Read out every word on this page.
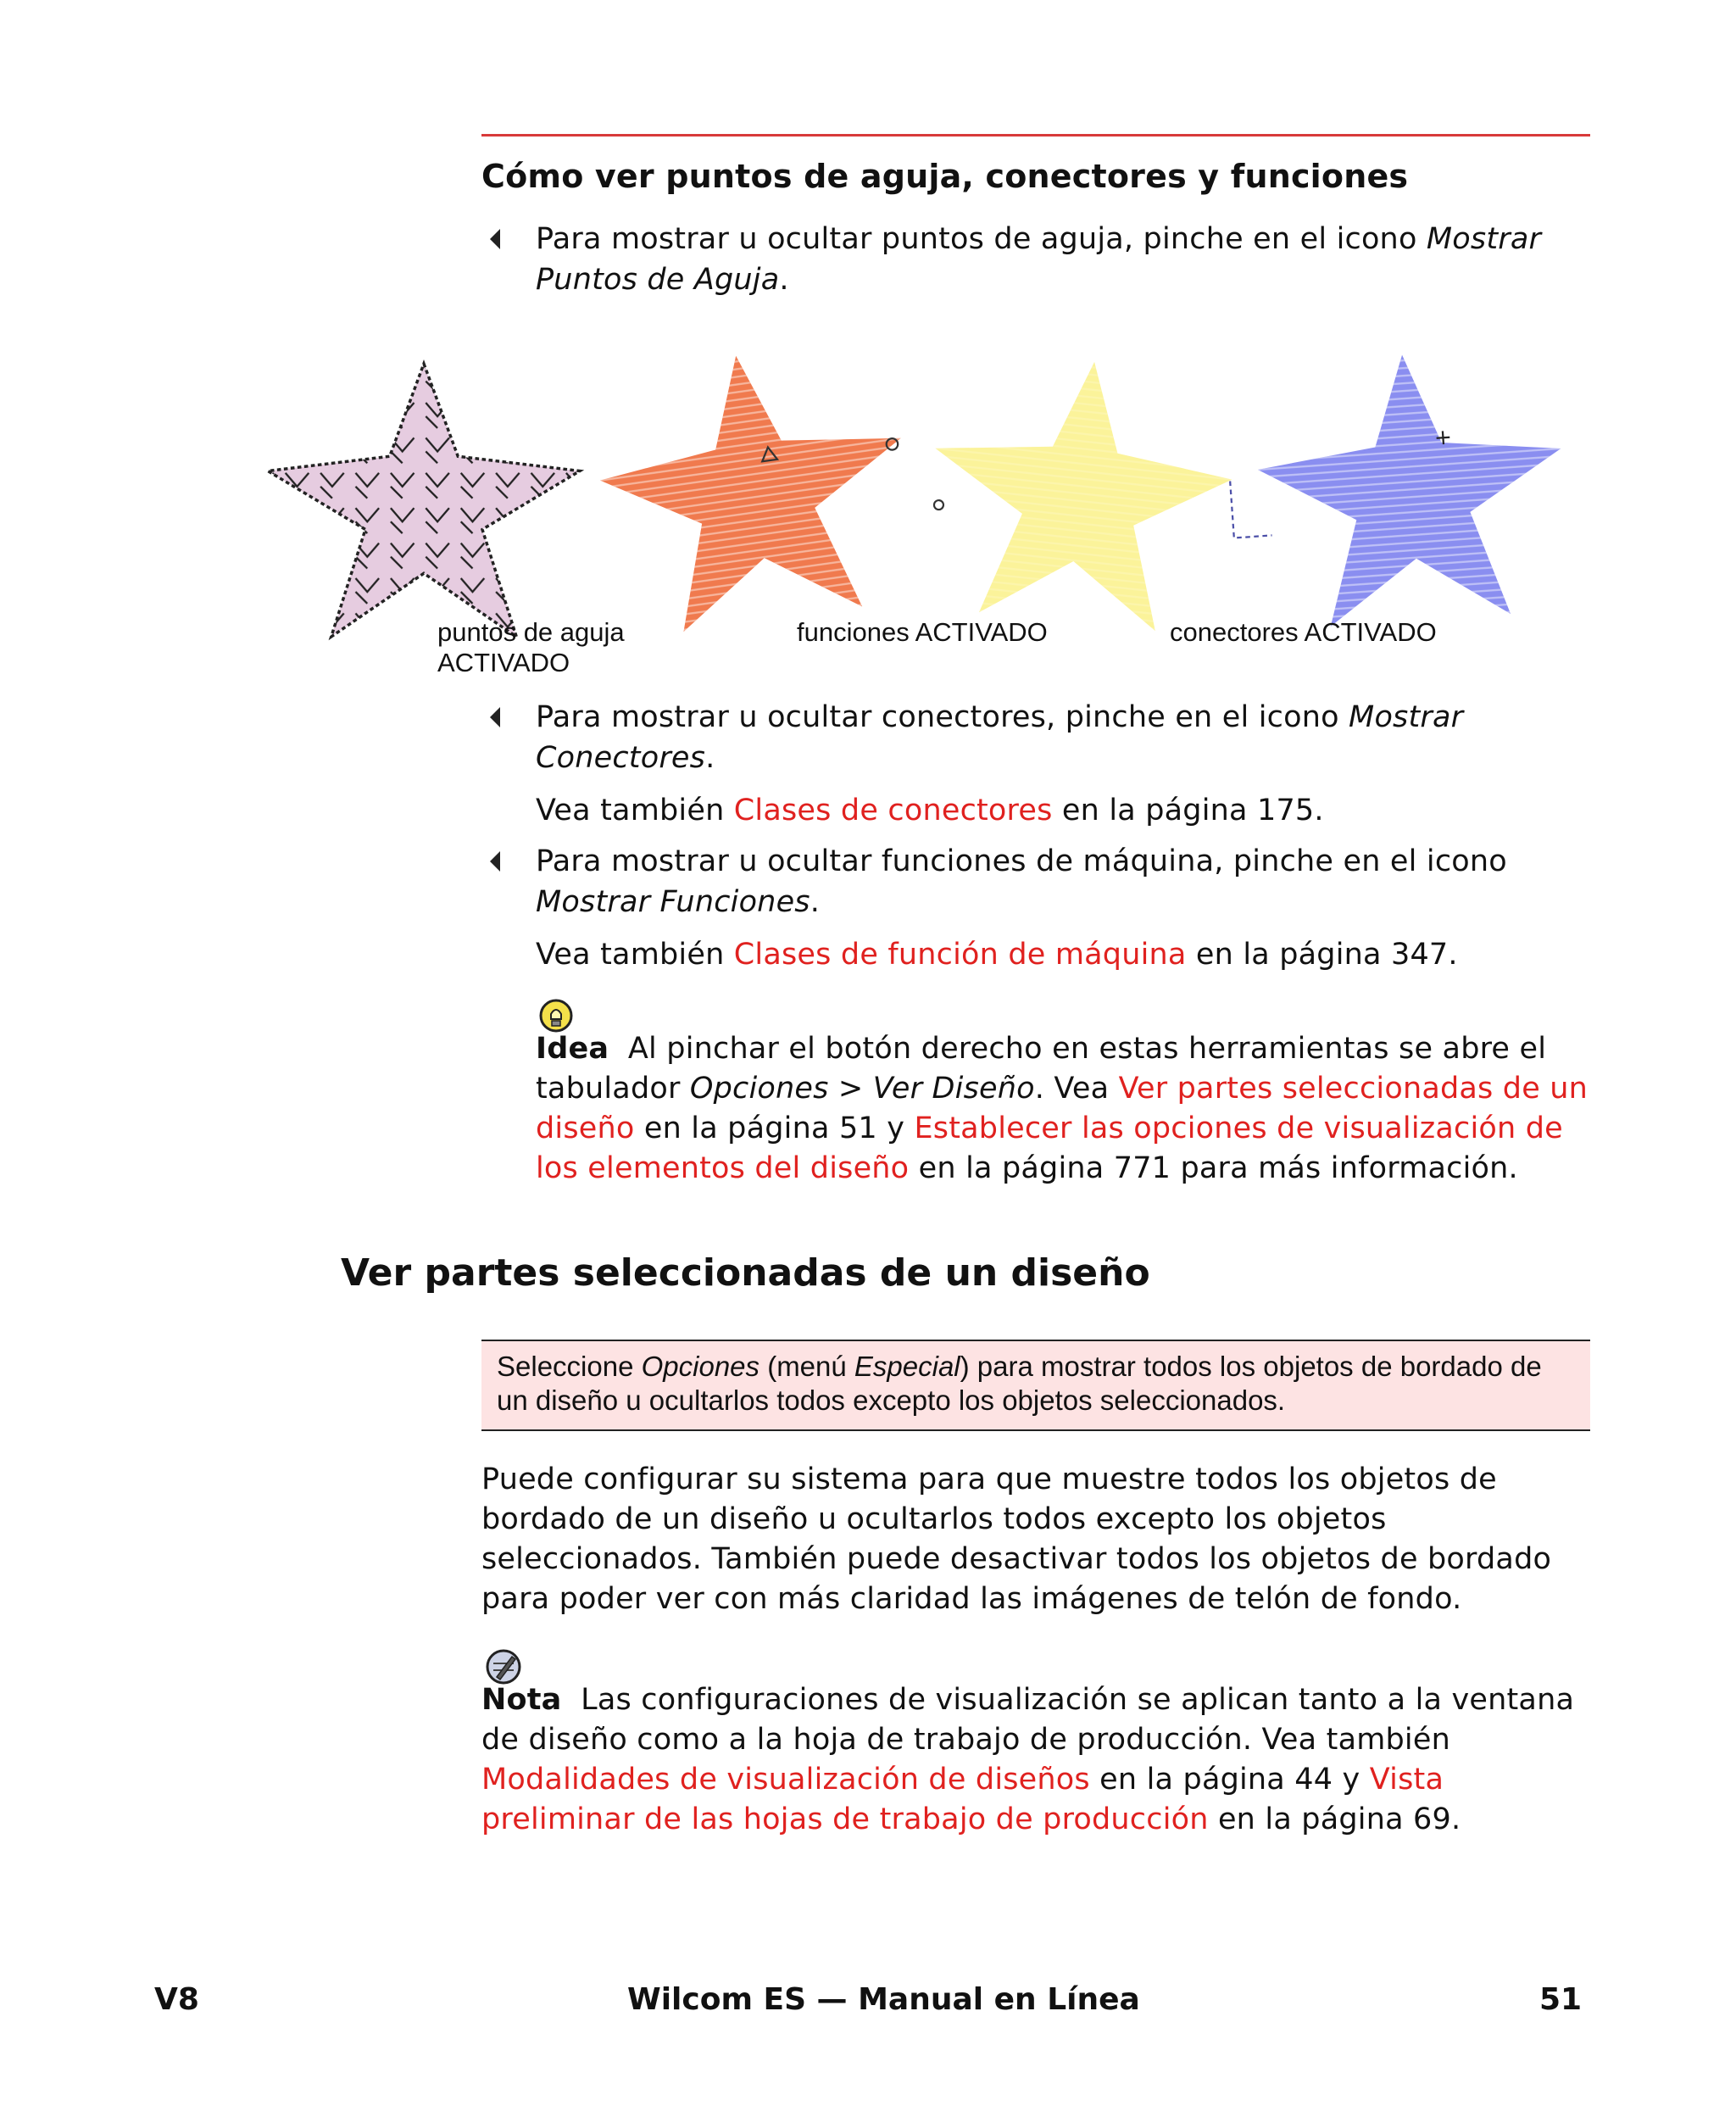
Cómo ver puntos de aguja, conectores y funciones

Para mostrar u ocultar puntos de aguja, pinche en el icono Mostrar Puntos de Aguja.

puntos de aguja ACTIVADO

funciones ACTIVADO	conectores ACTIVADO

Para mostrar u ocultar conectores, pinche en el icono Mostrar Conectores.

Vea también Clases de conectores en la página 175.

Para mostrar u ocultar funciones de máquina, pinche en el icono Mostrar Funciones.

Vea también Clases de función de máquina en la página 347.

Idea  Al pinchar el botón derecho en estas herramientas se abre el tabulador Opciones > Ver Diseño. Vea Ver partes seleccionadas de un diseño en la página 51 y Establecer las opciones de visualización de los elementos del diseño en la página 771 para más información.

Ver partes seleccionadas de un diseño

Seleccione Opciones (menú Especial) para mostrar todos los objetos de bordado de un diseño u ocultarlos todos excepto los objetos seleccionados.

Puede configurar su sistema para que muestre todos los objetos de bordado de un diseño u ocultarlos todos excepto los objetos seleccionados. También puede desactivar todos los objetos de bordado para poder ver con más claridad las imágenes de telón de fondo.

Nota  Las configuraciones de visualización se aplican tanto a la ventana de diseño como a la hoja de trabajo de producción. Vea también Modalidades de visualización de diseños en la página 44 y Vista preliminar de las hojas de trabajo de producción en la página 69.

V8	Wilcom ES — Manual en Línea	51
